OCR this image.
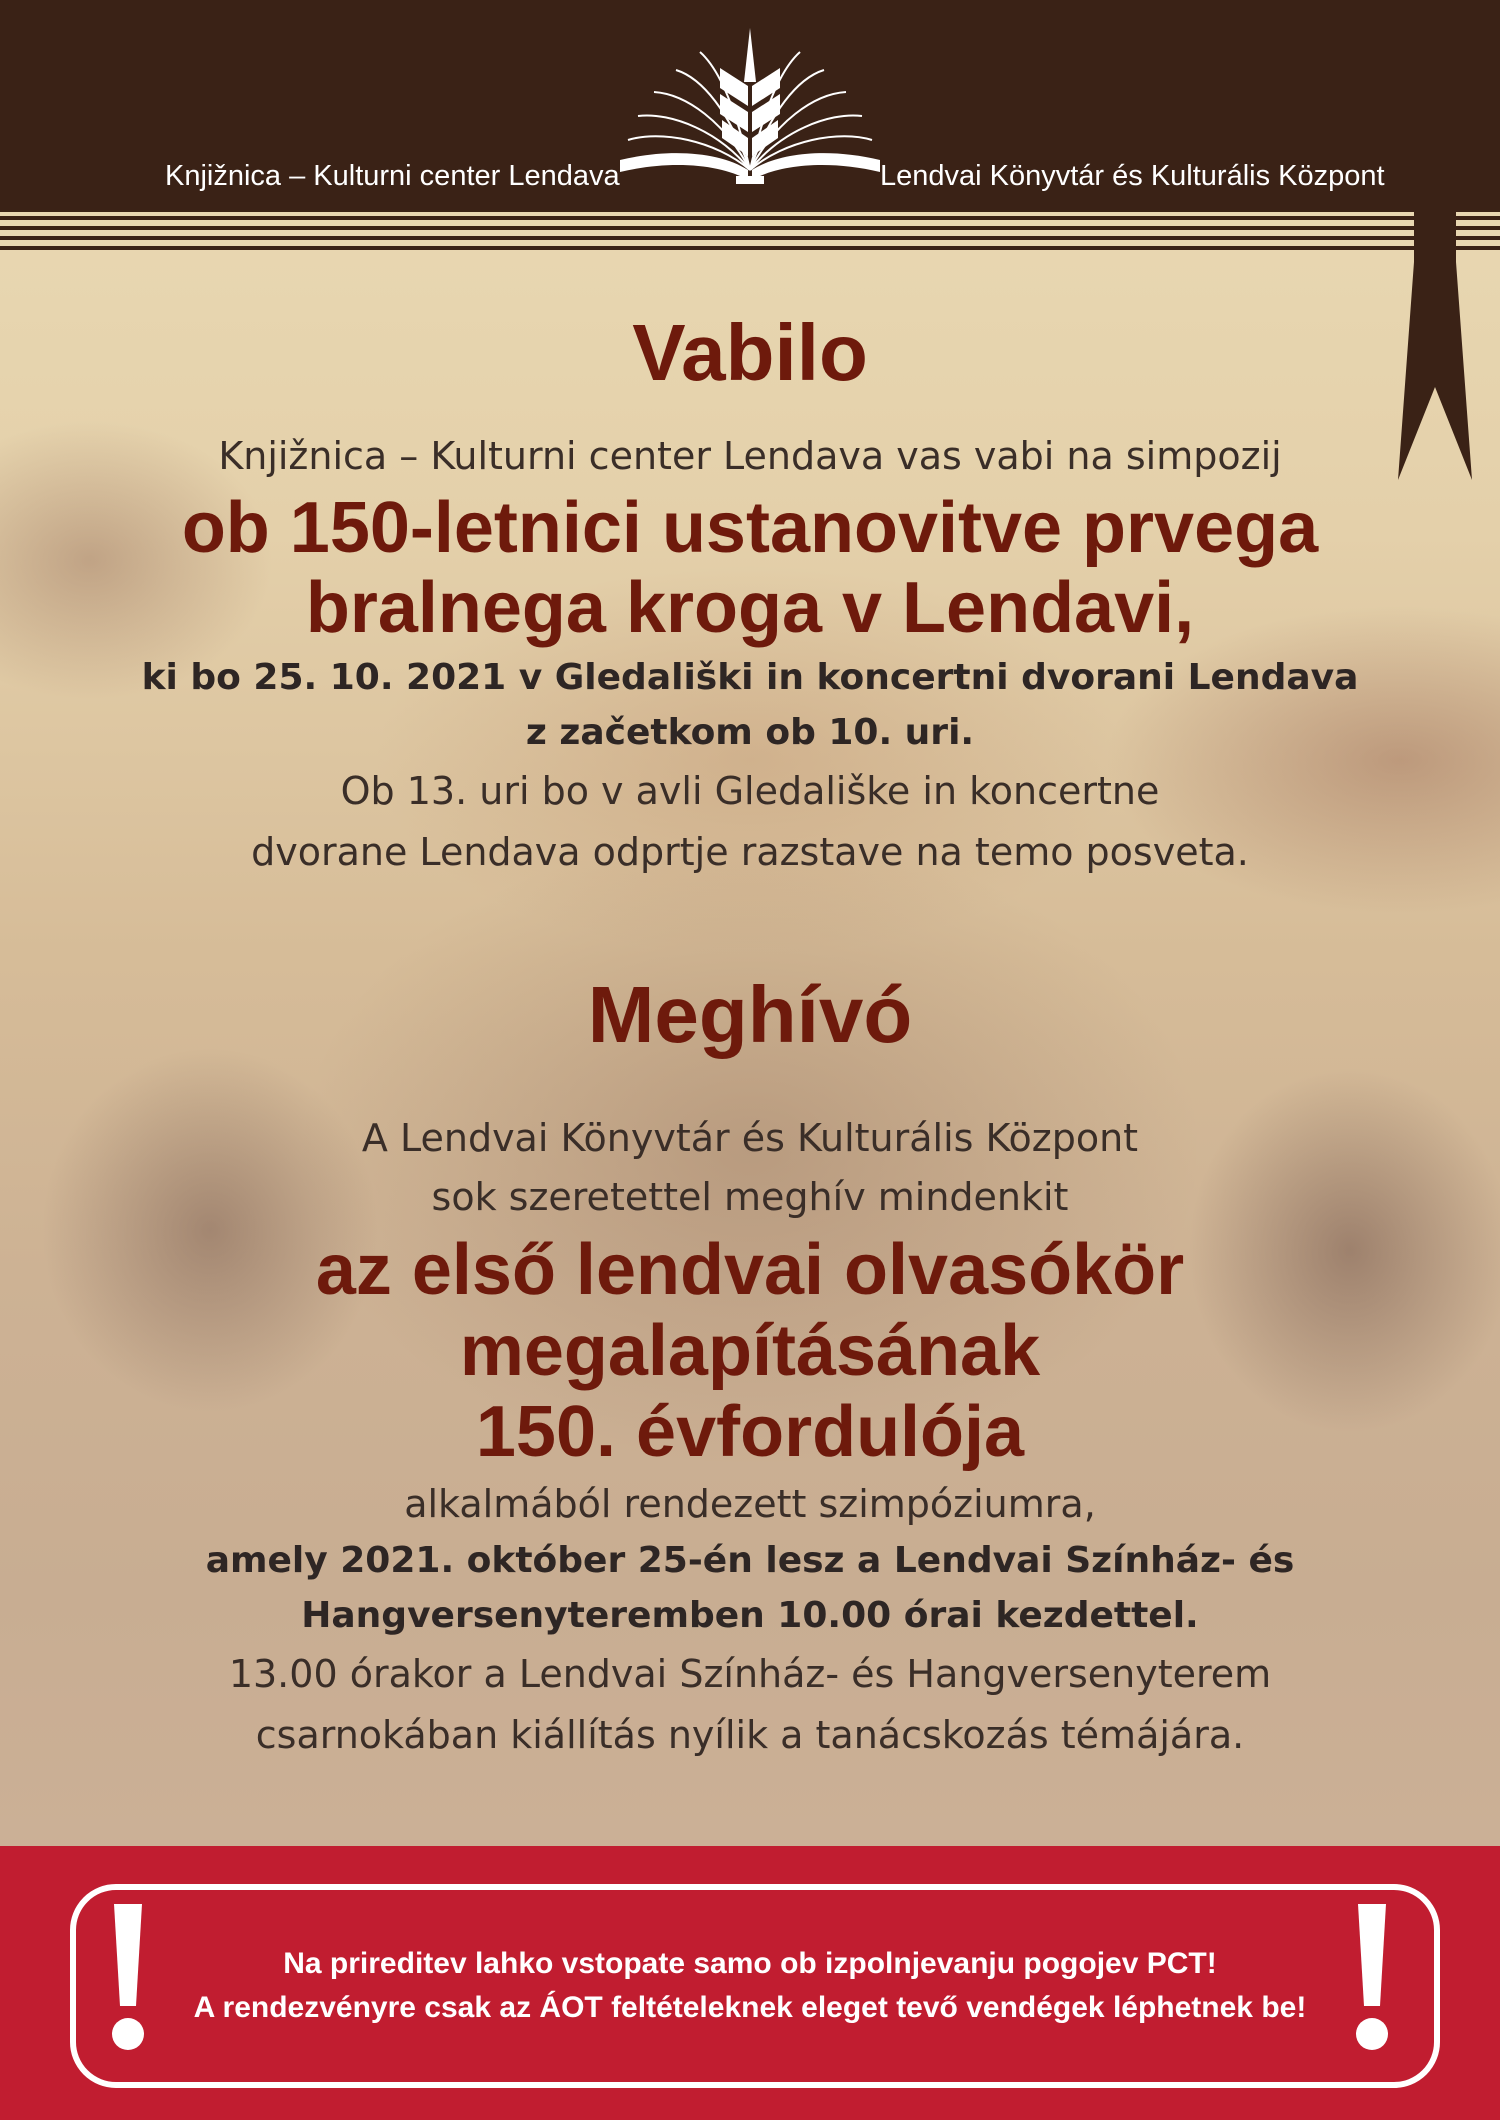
Knjižnica – Kulturni center Lendava	Lendvai Könyvtár és Kulturális Központ
Vabilo
Knjižnica – Kulturni center Lendava vas vabi na simpozij
ob 150-letnici ustanovitve prvega
bralnega kroga v Lendavi,
ki bo 25. 10. 2021 v Gledališki in koncertni dvorani Lendava
z začetkom ob 10. uri.
Ob 13. uri bo v avli Gledališke in koncertne
dvorane Lendava odprtje razstave na temo posveta.
Meghívó
A Lendvai Könyvtár és Kulturális Központ
sok szeretettel meghív mindenkit
az első lendvai olvasókör
megalapításának
150. évfordulója
alkalmából rendezett szimpóziumra,
amely 2021. október 25-én lesz a Lendvai Színház- és
Hangversenyteremben 10.00 órai kezdettel.
13.00 órakor a Lendvai Színház- és Hangversenyterem
csarnokában kiállítás nyílik a tanácskozás témájára.
Na prireditev lahko vstopate samo ob izpolnjevanju pogojev PCT!
A rendezvényre csak az ÁOT feltételeknek eleget tevő vendégek léphetnek be!
